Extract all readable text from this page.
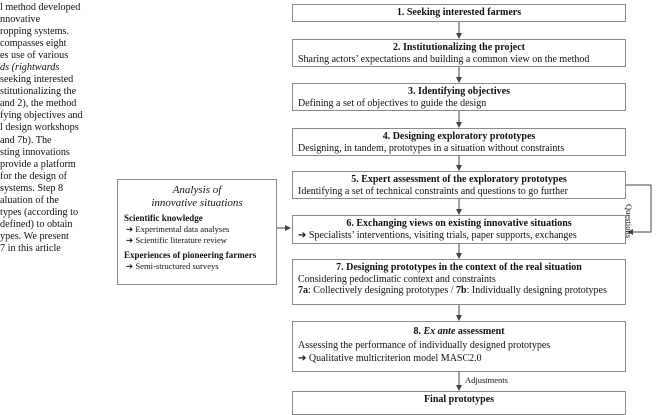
l method developed
nnovative
ropping systems.
compasses eight
es use of various
ds (rightwards
seeking interested
stitutionalizing the
and 2), the method
fying objectives and
l design workshops
and 7b). The
sting innovations
provide a platform
for the design of
systems. Step 8
aluation of the
types (according to
defined) to obtain
ypes. We present
7 in this article
1. Seeking interested farmers
2. Institutionalizing the project
Sharing actors’ expectations and building a common view on the method
3. Identifying objectives
Defining a set of objectives to guide the design
4. Designing exploratory prototypes
Designing, in tandem, prototypes in a situation without constraints
5. Expert assessment of the exploratory prototypes
Identifying a set of technical constraints and questions to go further
6. Exchanging views on existing innovative situations
➔ Specialists’ interventions, visiting trials, paper supports, exchanges
7. Designing prototypes in the context of the real situation
Considering pedoclimatic context and constraints
7a: Collectively designing prototypes / 7b: Individually designing prototypes
8. Ex ante assessment
Assessing the performance of individually designed prototypes
➔ Qualitative multicriterion model MASC2.0
Final prototypes
Analysis of
innovative situations
Scientific knowledge
➔ Experimental data analyses
➔ Scientific literature review
Experiences of pioneering farmers
➔ Semi-structured surveys
Questions
Adjustments
